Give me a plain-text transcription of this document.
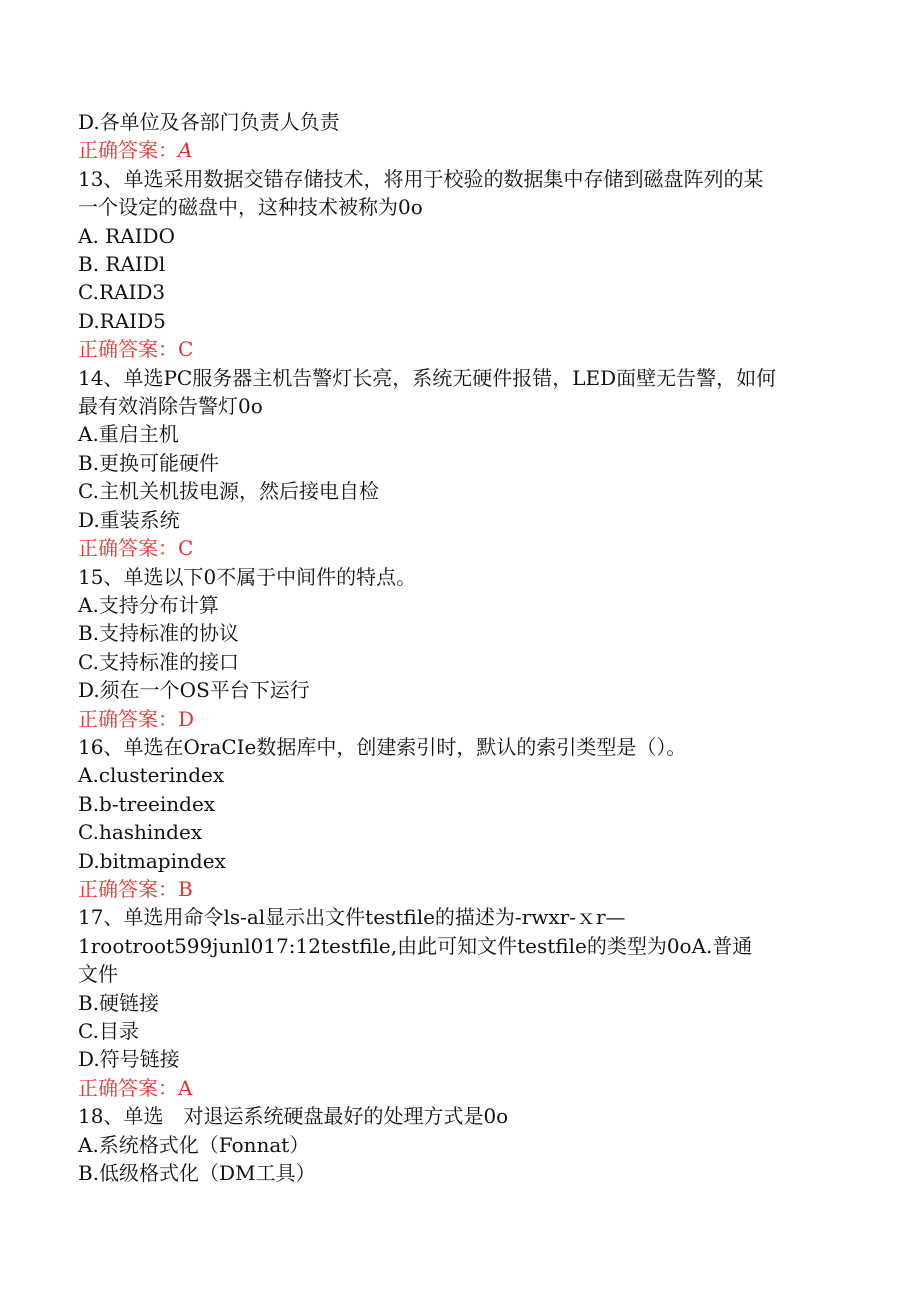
D.各单位及各部门负责人负责
正确答案：A
13、单选采用数据交错存储技术，将用于校验的数据集中存储到磁盘阵列的某
一个设定的磁盘中，这种技术被称为0o
A. RAIDO
B. RAIDl
C.RAID3
D.RAID5
正确答案：C
14、单选PC服务器主机告警灯长亮，系统无硬件报错，LED面壁无告警，如何
最有效消除告警灯0o
A.重启主机
B.更换可能硬件
C.主机关机拔电源，然后接电自检
D.重装系统
正确答案：C
15、单选以下0不属于中间件的特点。
A.支持分布计算
B.支持标准的协议
C.支持标准的接口
D.须在一个OS平台下运行
正确答案：D
16、单选在OraCIe数据库中，创建索引时，默认的索引类型是（）。
A.clusterindex
B.b-treeindex
C.hashindex
D.bitmapindex
正确答案：B
17、单选用命令ls-al显示出文件testfile的描述为-rwxr-ｘr—
1rootroot599junl017:12testfile,由此可知文件testfile的类型为0oA.普通
文件
B.硬链接
C.目录
D.符号链接
正确答案：A
18、单选　对退运系统硬盘最好的处理方式是0o
A.系统格式化（Fonnat）
B.低级格式化（DM工具）
